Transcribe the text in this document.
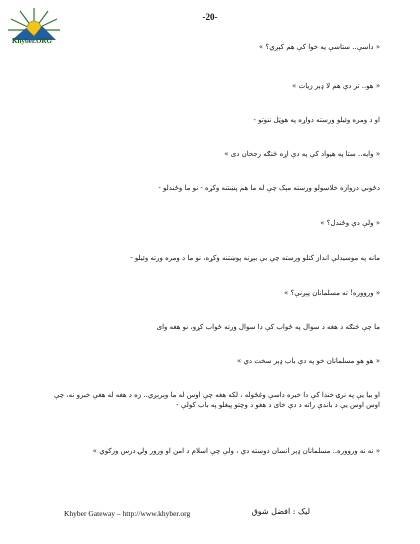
Khyber.ORG
-20-

« داسې.. ستاسې په خوا کې هم کېږي؟ »

« هو.. تر دې هم لا ډېر زيات »

او د ومره وئيلو ورسته دواړه په هوټل ننوتو -

« وايه.. ستا په هيواد کې په دې اړه څنګه رجحان دی »

دځوني دروازه خلاسولو ورسته مېک چې له ما هم پښتنه وکړه - نو ما وځندلو -

« ولې دې وځندل؟ »

مانه په موسيدلې انداز کتلو ورسته چې بې بېړنه پوښتنه وکړه، نو ما د ومره ورته وئيلو -

« ورووره! ته مسلمانان پېږنې؟ »

ما چې څنګه د هغه د سوال په ځواب کې دا سوال ورته ځواب کړو، نو هغه وای

« هو هو مسلمانان خو په دې باب ډېر سخت دي »

او بيا يې په نرۍ خندا کې دا خبره داسې وغځوله ، لکه هغه چې اوس له ما وېرېږي.. زه د هغه له هغې خبرو نه، چې اوس اوس يې د باندې راته د دې خای د هغو د وچتو پېغلو په باب کولې -

« نه نه ورووره.. مسلمانان ډېر انسان دوسته دي ، ولې چې اسلام د امن او ورور ولۍ درس ورکوي »

Khyber Gateway – http://www.khyber.org	ليک : افضل شوق
